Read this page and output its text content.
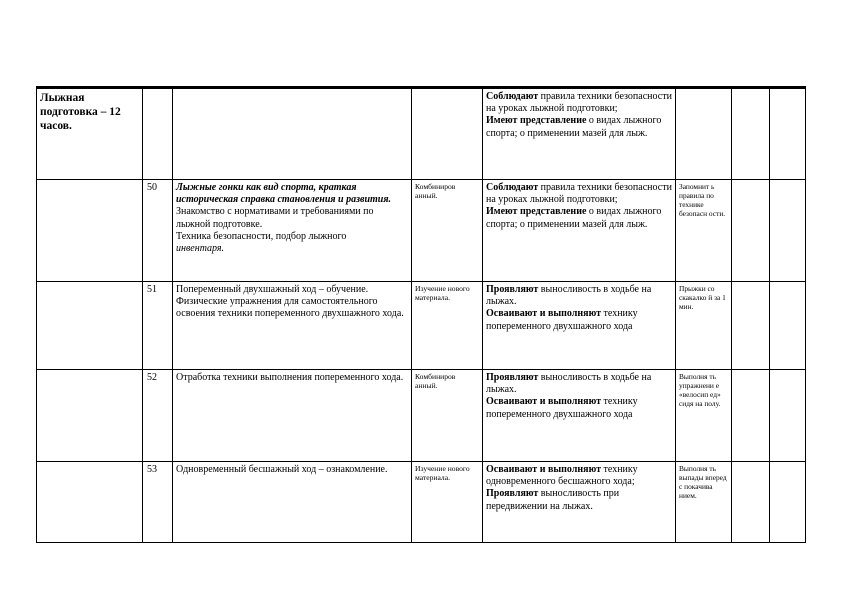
Лыжная подготовка – 12 часов.				Соблюдают правила техники безопасности на уроках лыжной подготовки;
Имеют представление о видах лыжного спорта; о применении мазей для лыж.			
	50	Лыжные гонки как вид спорта, краткая историческая справка становления и развития. Знакомство с нормативами и требованиями по лыжной подготовке.
Техника безопасности, подбор лыжного
инвентаря.	Комбиниров анный.	Соблюдают правила техники безопасности на уроках лыжной подготовки;
Имеют представление о видах лыжного спорта; о применении мазей для лыж.	Запомнит ь правила по технике безопасн ости.		
	51	Попеременный двухшажный ход – обучение. Физические упражнения для самостоятельного освоения техники попеременного двухшажного хода.	Изучение нового материала.	Проявляют выносливость в ходьбе на лыжах.
Осваивают и выполняют технику попеременного двухшажного хода	Прыжки со скакалко й за 1 мин.		
	52	Отработка техники выполнения попеременного хода.	Комбиниров анный.	Проявляют выносливость в ходьбе на лыжах.
Осваивают и выполняют технику попеременного двухшажного хода	Выполня ть упражнени е «велосип ед» сидя на полу.		
	53	Одновременный бесшажный ход – ознакомление.	Изучение нового материала.	Осваивают и выполняют технику одновременного бесшажного хода;
Проявляют выносливость при передвижении на лыжах.	Выполня ть выпады вперед с покачива нием.		
